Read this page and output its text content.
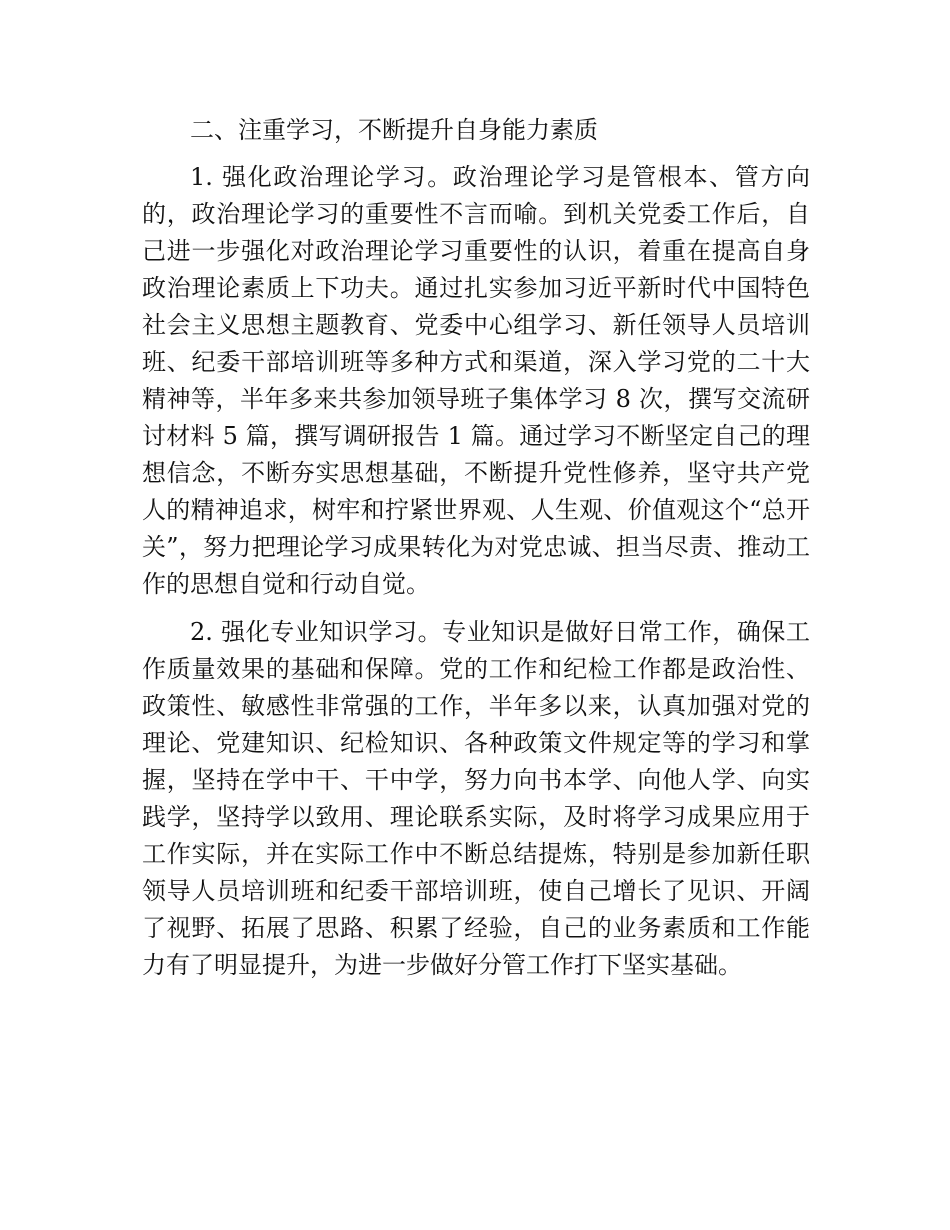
二、注重学习，不断提升自身能力素质

1. 强化政治理论学习。政治理论学习是管根本、管方向的，政治理论学习的重要性不言而喻。到机关党委工作后，自己进一步强化对政治理论学习重要性的认识，着重在提高自身政治理论素质上下功夫。通过扎实参加习近平新时代中国特色社会主义思想主题教育、党委中心组学习、新任领导人员培训班、纪委干部培训班等多种方式和渠道，深入学习党的二十大精神等，半年多来共参加领导班子集体学习 8 次，撰写交流研讨材料 5 篇，撰写调研报告 1 篇。通过学习不断坚定自己的理想信念，不断夯实思想基础，不断提升党性修养，坚守共产党人的精神追求，树牢和拧紧世界观、人生观、价值观这个“总开关”，努力把理论学习成果转化为对党忠诚、担当尽责、推动工作的思想自觉和行动自觉。

2. 强化专业知识学习。专业知识是做好日常工作，确保工作质量效果的基础和保障。党的工作和纪检工作都是政治性、政策性、敏感性非常强的工作，半年多以来，认真加强对党的理论、党建知识、纪检知识、各种政策文件规定等的学习和掌握，坚持在学中干、干中学，努力向书本学、向他人学、向实践学，坚持学以致用、理论联系实际，及时将学习成果应用于工作实际，并在实际工作中不断总结提炼，特别是参加新任职领导人员培训班和纪委干部培训班，使自己增长了见识、开阔了视野、拓展了思路、积累了经验，自己的业务素质和工作能力有了明显提升，为进一步做好分管工作打下坚实基础。
